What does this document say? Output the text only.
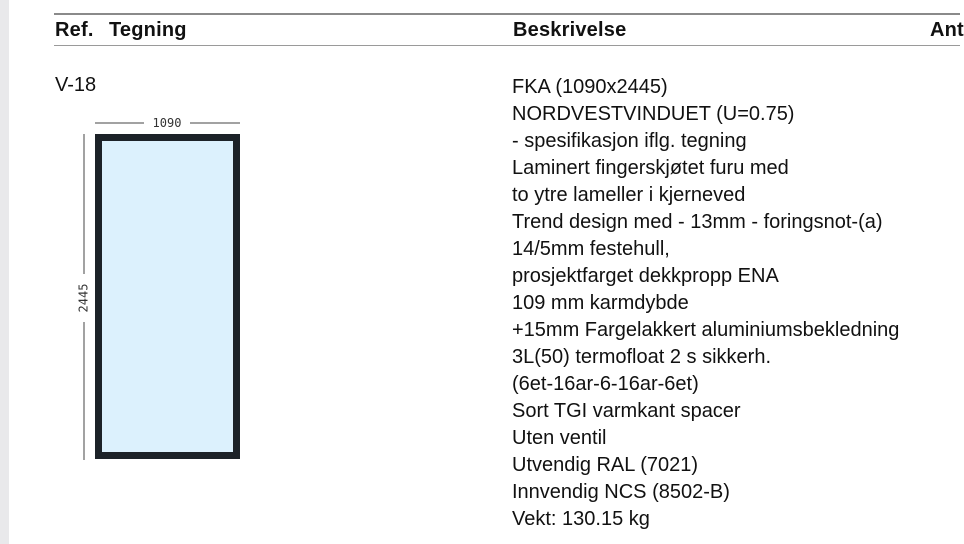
Ref. Tegning	Beskrivelse	Ant
V-18
1090
2445
FKA (1090x2445)
NORDVESTVINDUET (U=0.75)
- spesifikasjon iflg. tegning
Laminert fingerskjøtet furu med
to ytre lameller i kjerneved
Trend design med - 13mm - foringsnot-(a)
14/5mm festehull,
prosjektfarget dekkpropp ENA
109 mm karmdybde
+15mm Fargelakkert aluminiumsbekledning
3L(50) termofloat 2 s sikkerh.
(6et-16ar-6-16ar-6et)
Sort TGI varmkant spacer
Uten ventil
Utvendig RAL (7021)
Innvendig NCS (8502-B)
Vekt: 130.15 kg
